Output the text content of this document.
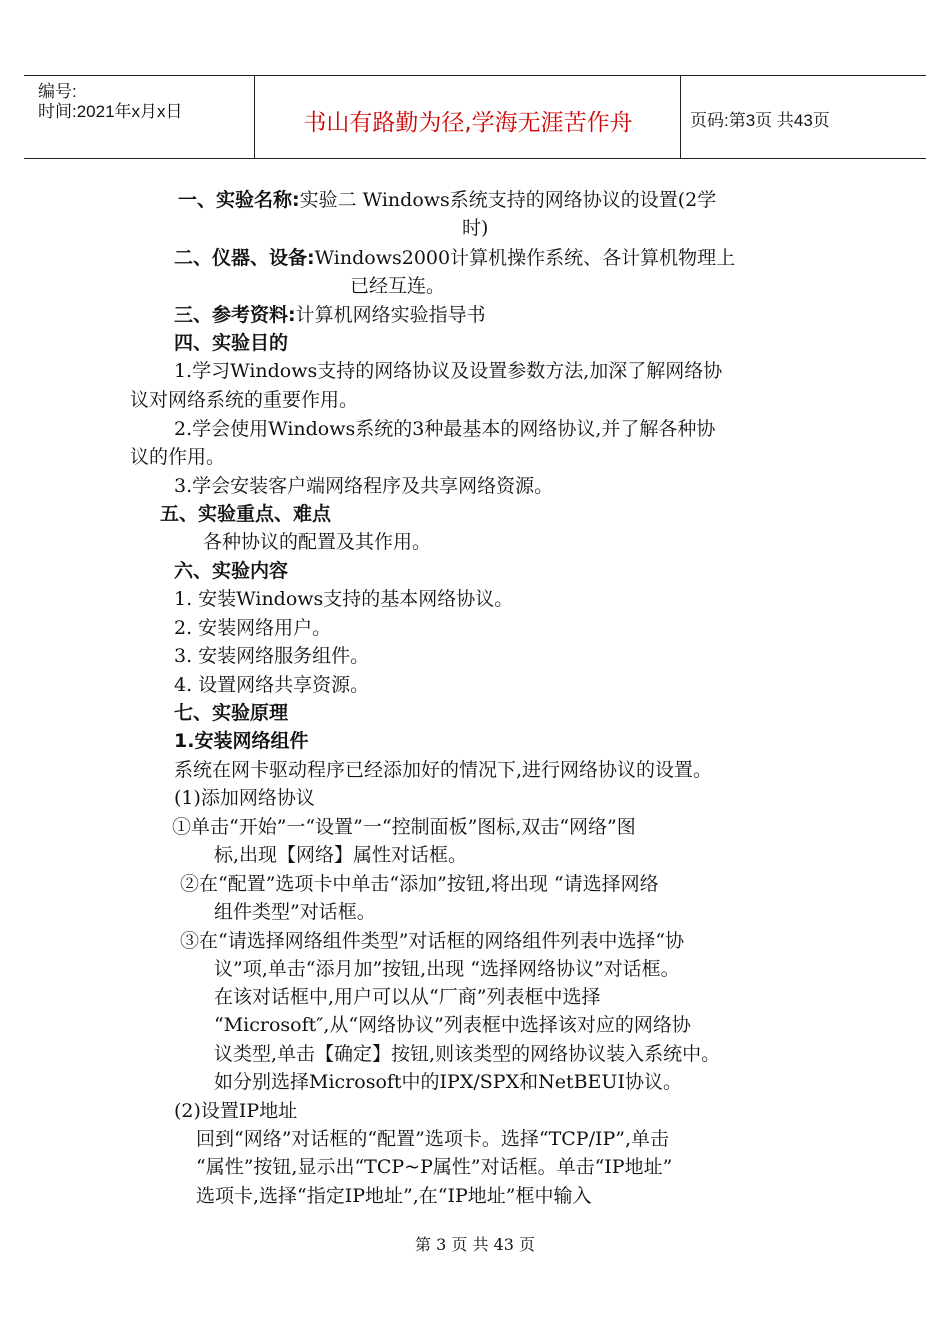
编号:
时间:2021年x月x日	书山有路勤为径,学海无涯苦作舟	页码:第3页 共43页
一、实验名称:实验二 Windows系统支持的网络协议的设置(2学
时)
二、仪器、设备:Windows2000计算机操作系统、各计算机物理上
已经互连。
三、参考资料:计算机网络实验指导书
四、实验目的
1.学习Windows支持的网络协议及设置参数方法,加深了解网络协
议对网络系统的重要作用。
2.学会使用Windows系统的3种最基本的网络协议,并了解各种协
议的作用。
3.学会安装客户端网络程序及共享网络资源。
五、实验重点、难点
各种协议的配置及其作用。
六、实验内容
1. 安装Windows支持的基本网络协议。
2. 安装网络用户。
3. 安装网络服务组件。
4. 设置网络共享资源。
七、实验原理
1.安装网络组件
系统在网卡驱动程序已经添加好的情况下,进行网络协议的设置。
(1)添加网络协议
①单击“开始”一“设置”一“控制面板”图标,双击“网络”图
标,出现【网络】属性对话框。
②在“配置”选项卡中单击“添加”按钮,将出现 “请选择网络
组件类型”对话框。
③在“请选择网络组件类型”对话框的网络组件列表中选择“协
议”项,单击“添月加”按钮,出现 “选择网络协议”对话框。
在该对话框中,用户可以从“厂商”列表框中选择
“Microsoft″,从“网络协议”列表框中选择该对应的网络协
议类型,单击【确定】按钮,则该类型的网络协议装入系统中。
如分别选择Microsoft中的IPX/SPX和NetBEUI协议。
(2)设置IP地址
回到“网络”对话框的“配置”选项卡。选择“TCP/IP”,单击
“属性”按钮,显示出“TCP~P属性”对话框。单击“IP地址”
选项卡,选择“指定IP地址”,在“IP地址”框中输入
第 3 页 共 43 页
